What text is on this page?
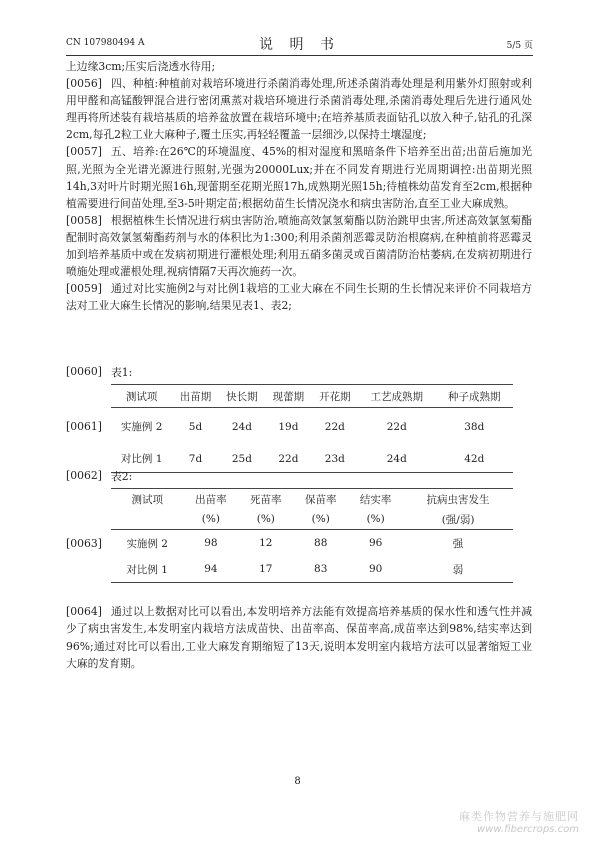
CN 107980494 A	说 明 书	5/5 页
上边缘3cm;压实后浇透水待用;
[0056] 四、种植:种植前对栽培环境进行杀菌消毒处理,所述杀菌消毒处理是利用紫外灯照射或利用甲醛和高锰酸钾混合进行密闭熏蒸对栽培环境进行杀菌消毒处理,杀菌消毒处理后先进行通风处理再将所述装有栽培基质的培养盆放置在栽培环境中;在培养基质表面钻孔以放入种子,钻孔的孔深2cm,每孔2粒工业大麻种子,覆土压实,再轻轻覆盖一层细沙,以保持土壤湿度;
[0057] 五、培养:在26℃的环境温度、45%的相对湿度和黑暗条件下培养至出苗;出苗后施加光照,光照为全光谱光源进行照射,光强为20000Lux;并在不同发育期进行光周期调控:出苗期光照14h,3对叶片时期光照16h,现蕾期至花期光照17h,成熟期光照15h;待植株幼苗发育至2cm,根据种植需要进行间苗处理,至3-5叶期定苗;根据幼苗生长情况浇水和病虫害防治,直至工业大麻成熟。
[0058] 根据植株生长情况进行病虫害防治,喷施高效氯氢菊酯以防治跳甲虫害,所述高效氯氢菊酯配制时高效氯氢菊酯药剂与水的体积比为1:300;利用杀菌剂恶霉灵防治根腐病,在种植前将恶霉灵加到培养基质中或在发病初期进行灌根处理;利用五硝多菌灵或百菌清防治枯萎病,在发病初期进行喷施处理或灌根处理,视病情隔7天再次施药一次。
[0059] 通过对比实施例2与对比例1栽培的工业大麻在不同生长期的生长情况来评价不同栽培方法对工业大麻生长情况的影响,结果见表1、表2;
[0060] 表1:
[0061]
测试项	出苗期	快长期	现蕾期	开花期	工艺成熟期	种子成熟期
实施例 2	5d	24d	19d	22d	22d	38d
对比例 1	7d	25d	22d	23d	24d	42d
[0062] 表2:
[0063]
测试项	出苗率	死苗率	保苗率	结实率	抗病虫害发生
	(%)	(%)	(%)	(%)	(强/弱)
实施例 2	98	12	88	96	强
对比例 1	94	17	83	90	弱
[0064] 通过以上数据对比可以看出,本发明培养方法能有效提高培养基质的保水性和透气性并减少了病虫害发生,本发明室内栽培方法成苗快、出苗率高、保苗率高,成苗率达到98%,结实率达到96%;通过对比可以看出,工业大麻发育期缩短了13天,说明本发明室内栽培方法可以显著缩短工业大麻的发育期。
8
麻类作物营养与施肥网
www.fibercrops.com
